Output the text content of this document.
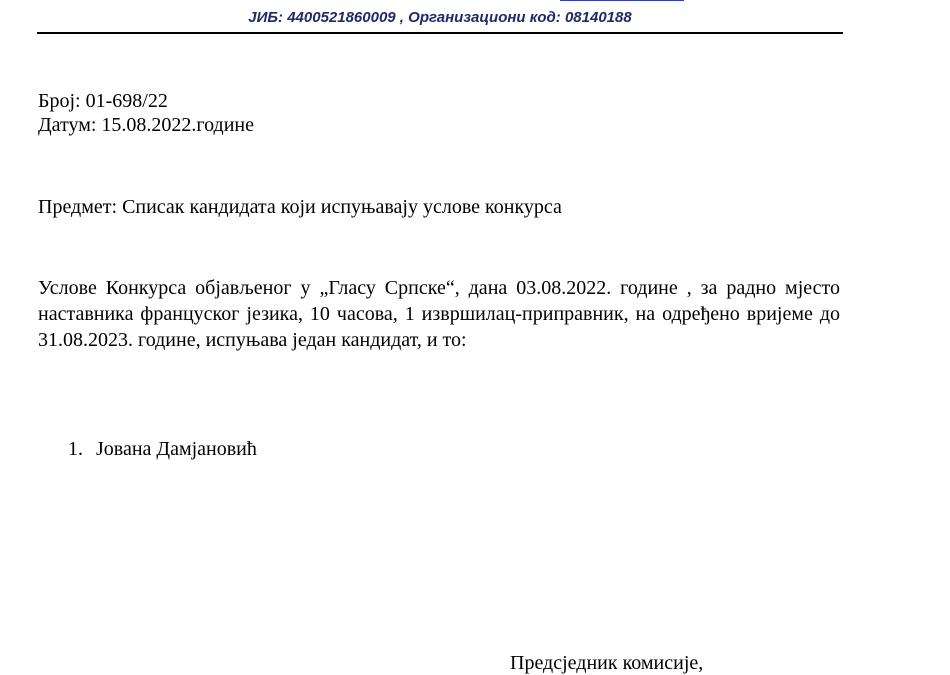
ЈИБ: 4400521860009 , Организациони код: 08140188
Број: 01-698/22
Датум: 15.08.2022.године
Предмет: Списак кандидата који испуњавају услове конкурса
Услове Конкурса објављеног у „Гласу Српске“, дана 03.08.2022. године , за радно мјесто наставника француског језика, 10 часова, 1 извршилац-приправник, на одређено вријеме до 31.08.2023. године, испуњава један кандидат, и то:
1. Јована Дамјановић
Предсједник комисије,
